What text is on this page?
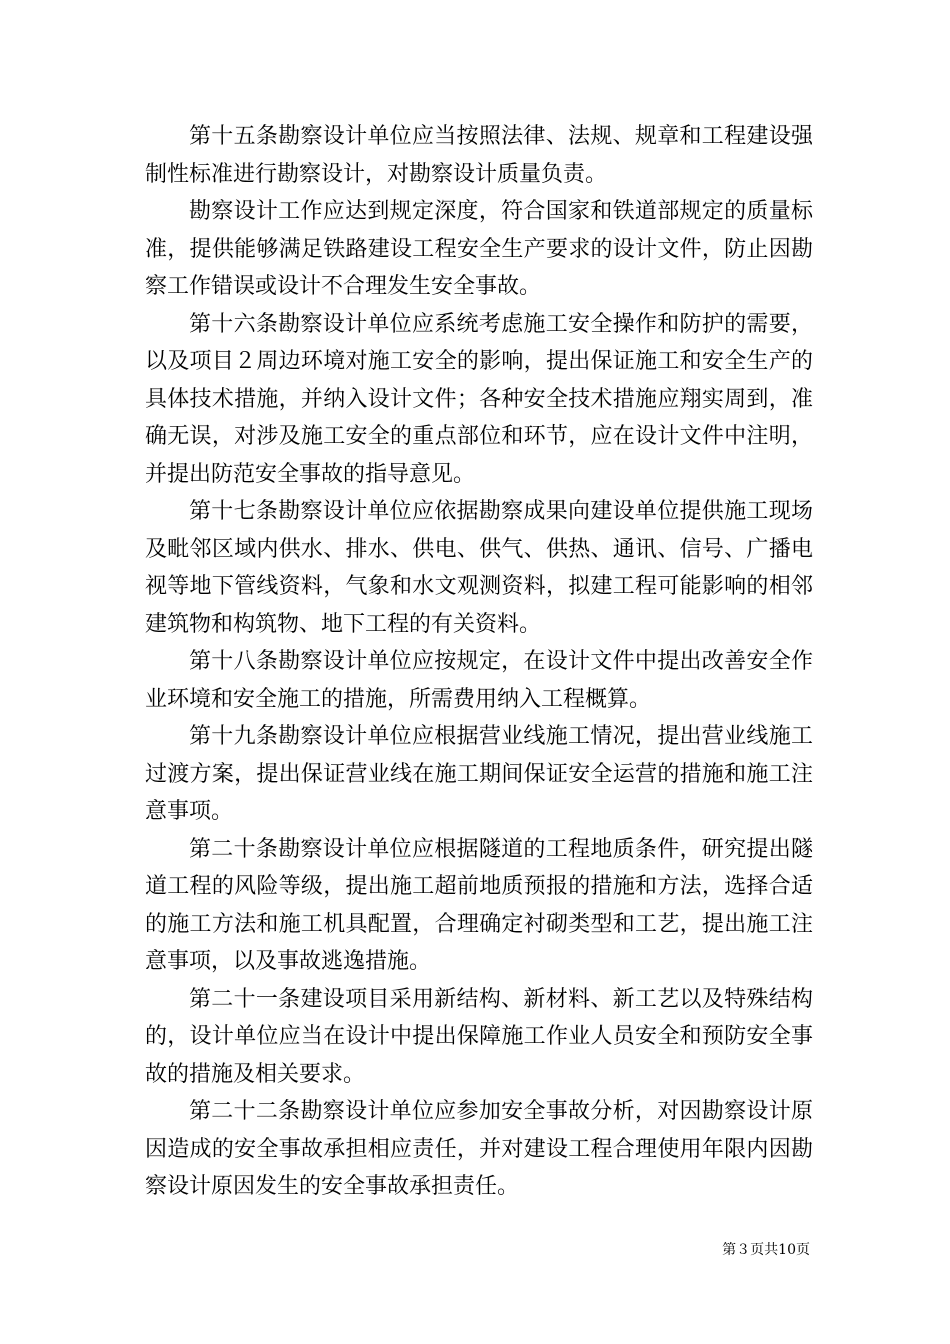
第十五条勘察设计单位应当按照法律、法规、规章和工程建设强制性标准进行勘察设计，对勘察设计质量负责。

勘察设计工作应达到规定深度，符合国家和铁道部规定的质量标准，提供能够满足铁路建设工程安全生产要求的设计文件，防止因勘察工作错误或设计不合理发生安全事故。

第十六条勘察设计单位应系统考虑施工安全操作和防护的需要，以及项目２周边环境对施工安全的影响，提出保证施工和安全生产的具体技术措施，并纳入设计文件；各种安全技术措施应翔实周到，准确无误，对涉及施工安全的重点部位和环节，应在设计文件中注明，并提出防范安全事故的指导意见。

第十七条勘察设计单位应依据勘察成果向建设单位提供施工现场及毗邻区域内供水、排水、供电、供气、供热、通讯、信号、广播电视等地下管线资料，气象和水文观测资料，拟建工程可能影响的相邻建筑物和构筑物、地下工程的有关资料。

第十八条勘察设计单位应按规定，在设计文件中提出改善安全作业环境和安全施工的措施，所需费用纳入工程概算。

第十九条勘察设计单位应根据营业线施工情况，提出营业线施工过渡方案，提出保证营业线在施工期间保证安全运营的措施和施工注意事项。

第二十条勘察设计单位应根据隧道的工程地质条件，研究提出隧道工程的风险等级，提出施工超前地质预报的措施和方法，选择合适的施工方法和施工机具配置，合理确定衬砌类型和工艺，提出施工注意事项，以及事故逃逸措施。

第二十一条建设项目采用新结构、新材料、新工艺以及特殊结构的，设计单位应当在设计中提出保障施工作业人员安全和预防安全事故的措施及相关要求。

第二十二条勘察设计单位应参加安全事故分析，对因勘察设计原因造成的安全事故承担相应责任，并对建设工程合理使用年限内因勘察设计原因发生的安全事故承担责任。

第３页共10页
